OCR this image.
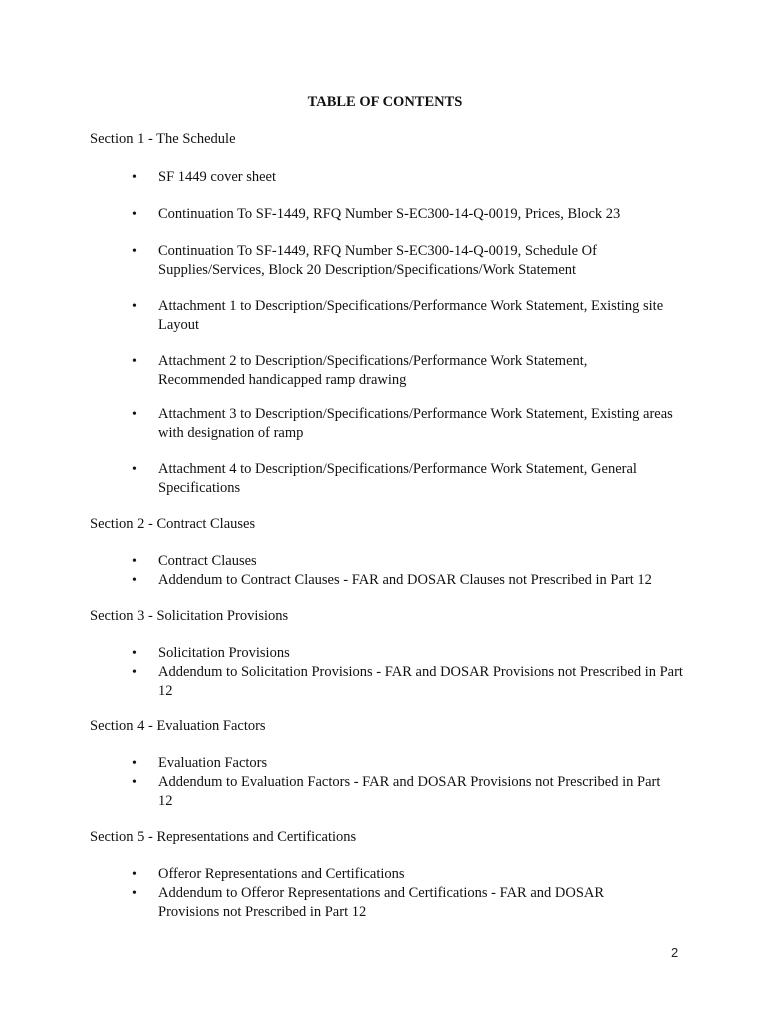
TABLE OF CONTENTS
Section 1 - The Schedule
• SF 1449 cover sheet
• Continuation To SF-1449, RFQ Number S-EC300-14-Q-0019, Prices, Block 23
• Continuation To SF-1449, RFQ Number S-EC300-14-Q-0019, Schedule Of Supplies/Services, Block 20 Description/Specifications/Work Statement
• Attachment 1 to Description/Specifications/Performance Work Statement, Existing site Layout
• Attachment 2 to Description/Specifications/Performance Work Statement, Recommended handicapped ramp drawing
• Attachment 3 to Description/Specifications/Performance Work Statement, Existing areas with designation of ramp
• Attachment 4 to Description/Specifications/Performance Work Statement, General Specifications
Section 2 - Contract Clauses
• Contract Clauses
• Addendum to Contract Clauses - FAR and DOSAR Clauses not Prescribed in Part 12
Section 3 - Solicitation Provisions
• Solicitation Provisions
• Addendum to Solicitation Provisions - FAR and DOSAR Provisions not Prescribed in Part 12
Section 4 - Evaluation Factors
• Evaluation Factors
• Addendum to Evaluation Factors - FAR and DOSAR Provisions not Prescribed in Part 12
Section 5 - Representations and Certifications
• Offeror Representations and Certifications
• Addendum to Offeror Representations and Certifications - FAR and DOSAR Provisions not Prescribed in Part 12
2
